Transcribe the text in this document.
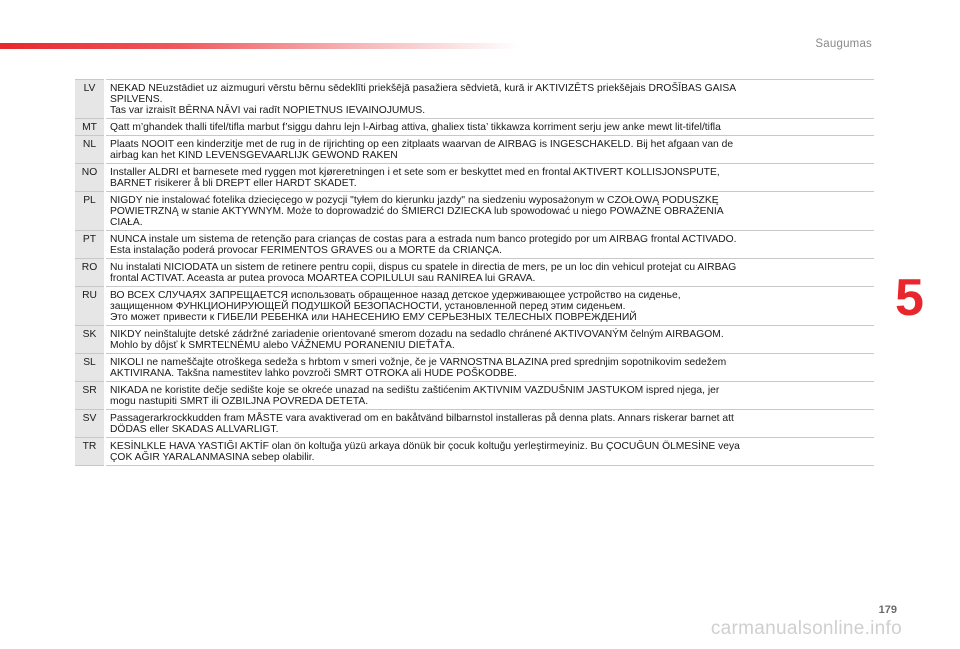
Saugumas
LV	NEKAD NEuzstādiet uz aizmuguri vērstu bērnu sēdeklīti priekšējā pasažiera sēdvietā, kurā ir AKTIVIZĒTS priekšējais DROŠĪBAS GAISA
SPILVENS.
Tas var izraisīt BĒRNA NĀVI vai radīt NOPIETNUS IEVAINOJUMUS.

MT	Qatt m’ghandek thalli tifel/tifla marbut f’siggu dahru lejn l-Airbag attiva, ghaliex tista’ tikkawza korriment serju jew anke mewt lit-tifel/tifla

NL	Plaats NOOIT een kinderzitje met de rug in de rijrichting op een zitplaats waarvan de AIRBAG is INGESCHAKELD. Bij het afgaan van de
airbag kan het KIND LEVENSGEVAARLIJK GEWOND RAKEN

NO	Installer ALDRI et barnesete med ryggen mot kjøreretningen i et sete som er beskyttet med en frontal AKTIVERT KOLLISJONSPUTE,
BARNET risikerer å bli DREPT eller HARDT SKADET.

PL	NIGDY nie instalować fotelika dziecięcego w pozycji "tyłem do kierunku jazdy" na siedzeniu wyposażonym w CZOŁOWĄ PODUSZKĘ
POWIETRZNĄ w stanie AKTYWNYM. Może to doprowadzić do ŚMIERCI DZIECKA lub spowodować u niego POWAŻNE OBRAŻENIA
CIAŁA.

PT	NUNCA instale um sistema de retenção para crianças de costas para a estrada num banco protegido por um AIRBAG frontal ACTIVADO.
Esta instalação poderá provocar FERIMENTOS GRAVES ou a MORTE da CRIANÇA.

RO	Nu instalati NICIODATA un sistem de retinere pentru copii, dispus cu spatele in directia de mers, pe un loc din vehicul protejat cu AIRBAG
frontal ACTIVAT. Aceasta ar putea provoca MOARTEA COPILULUI sau RANIREA lui GRAVA.

RU	ВО ВСЕХ СЛУЧАЯХ ЗАПРЕЩАЕТСЯ использовать обращенное назад детское удерживающее устройство на сиденье,
защищенном ФУНКЦИОНИРУЮЩЕЙ ПОДУШКОЙ БЕЗОПАСНОСТИ, установленной перед этим сиденьем.
Это может привести к ГИБЕЛИ РЕБЕНКА или НАНЕСЕНИЮ ЕМУ СЕРЬЕЗНЫХ ТЕЛЕСНЫХ ПОВРЕЖДЕНИЙ

SK	NIKDY neinštalujte detské zádržné zariadenie orientované smerom dozadu na sedadlo chránené AKTIVOVANÝM čelným AIRBAGOM.
Mohlo by dôjsť k SMRTEĽNÉMU alebo VÁŽNEMU PORANENIU DIEŤAŤA.

SL	NIKOLI ne nameščajte otroškega sedeža s hrbtom v smeri vožnje, če je VARNOSTNA BLAZINA pred sprednjim sopotnikovim sedežem
AKTIVIRANA. Takšna namestitev lahko povzroči SMRT OTROKA ali HUDE POŠKODBE.

SR	NIKADA ne koristite dečje sedište koje se okreće unazad na sedištu zaštićenim AKTIVNIM VAZDUŠNIM JASTUKOM ispred njega, jer
mogu nastupiti SMRT ili OZBILJNA POVREDA DETETA.

SV	Passagerarkrockkudden fram MÅSTE vara avaktiverad om en bakåtvänd bilbarnstol installeras på denna plats. Annars riskerar barnet att
DÖDAS eller SKADAS ALLVARLIGT.

TR	KESİNLKLE HAVA YASTIĞI AKTİF olan ön koltuğa yüzü arkaya dönük bir çocuk koltuğu yerleştirmeyiniz. Bu ÇOCUĞUN ÖLMESİNE veya
ÇOK AĞIR YARALANMASINA sebep olabilir.
5
179
carmanualsonline.info
